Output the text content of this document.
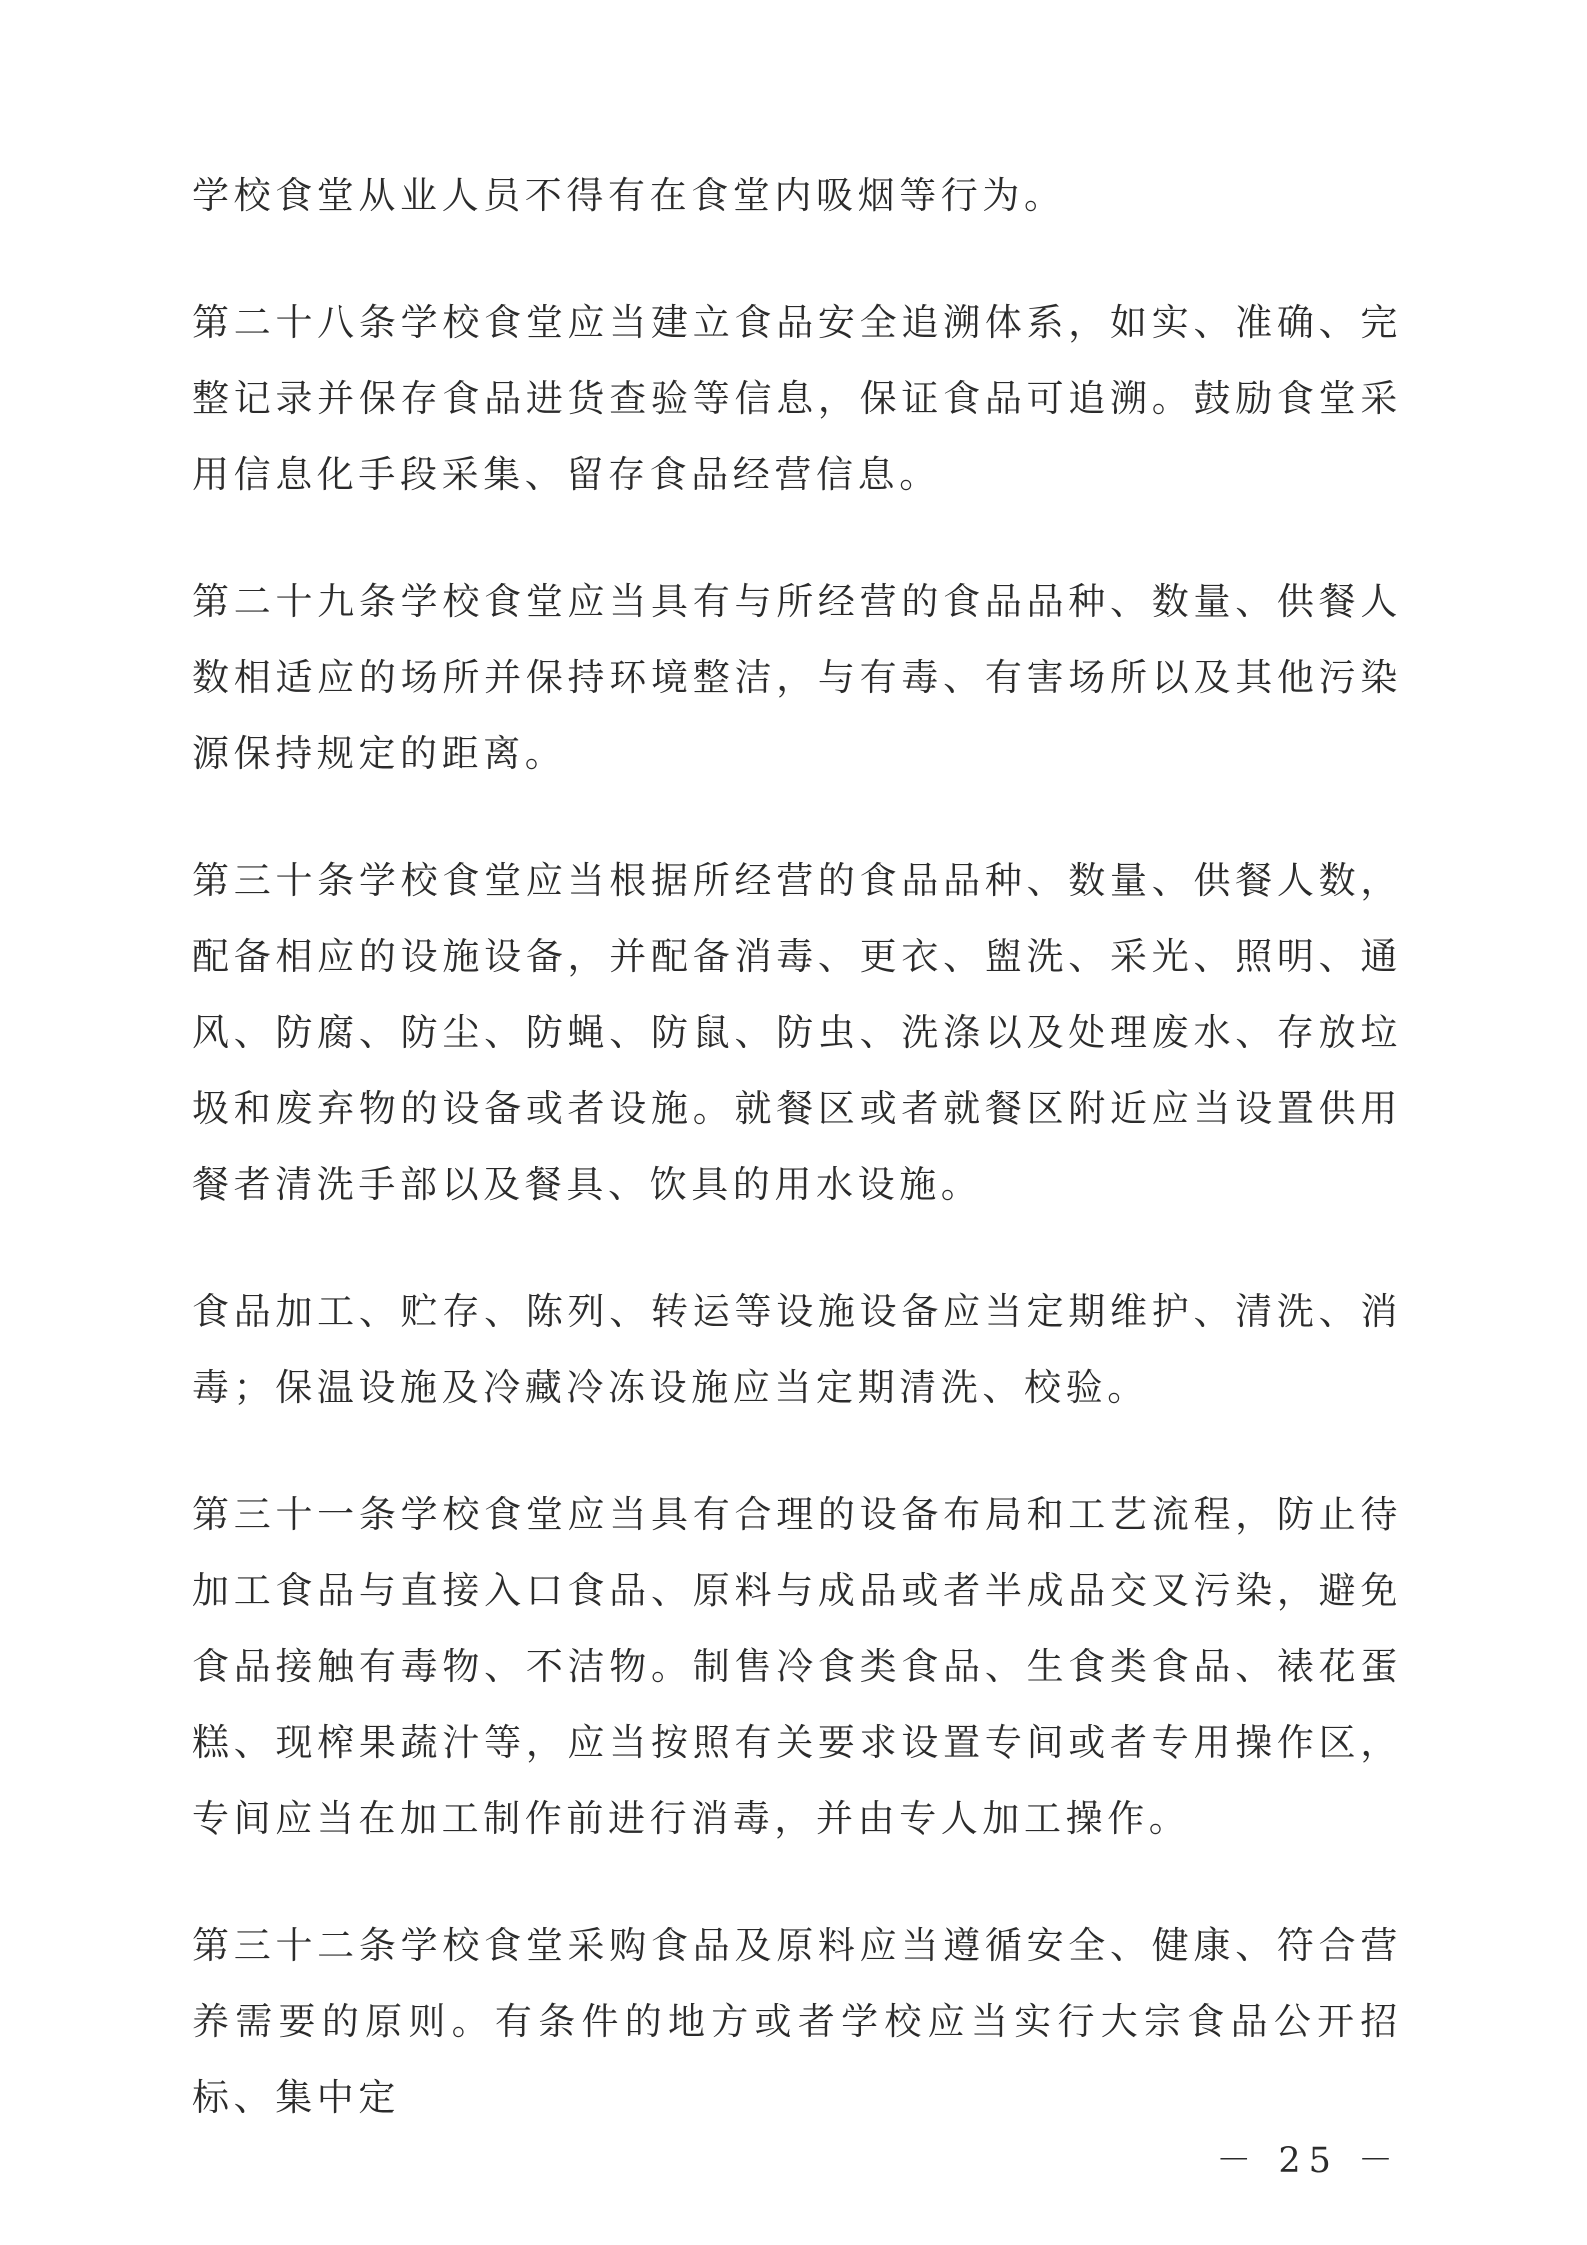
学校食堂从业人员不得有在食堂内吸烟等行为。

第二十八条学校食堂应当建立食品安全追溯体系，如实、准确、完整记录并保存食品进货查验等信息，保证食品可追溯。鼓励食堂采用信息化手段采集、留存食品经营信息。

第二十九条学校食堂应当具有与所经营的食品品种、数量、供餐人数相适应的场所并保持环境整洁，与有毒、有害场所以及其他污染源保持规定的距离。

第三十条学校食堂应当根据所经营的食品品种、数量、供餐人数，配备相应的设施设备，并配备消毒、更衣、盥洗、采光、照明、通风、防腐、防尘、防蝇、防鼠、防虫、洗涤以及处理废水、存放垃圾和废弃物的设备或者设施。就餐区或者就餐区附近应当设置供用餐者清洗手部以及餐具、饮具的用水设施。

食品加工、贮存、陈列、转运等设施设备应当定期维护、清洗、消毒；保温设施及冷藏冷冻设施应当定期清洗、校验。

第三十一条学校食堂应当具有合理的设备布局和工艺流程，防止待加工食品与直接入口食品、原料与成品或者半成品交叉污染，避免食品接触有毒物、不洁物。制售冷食类食品、生食类食品、裱花蛋糕、现榨果蔬汁等，应当按照有关要求设置专间或者专用操作区，专间应当在加工制作前进行消毒，并由专人加工操作。

第三十二条学校食堂采购食品及原料应当遵循安全、健康、符合营养需要的原则。有条件的地方或者学校应当实行大宗食品公开招标、集中定

－ 25 －
